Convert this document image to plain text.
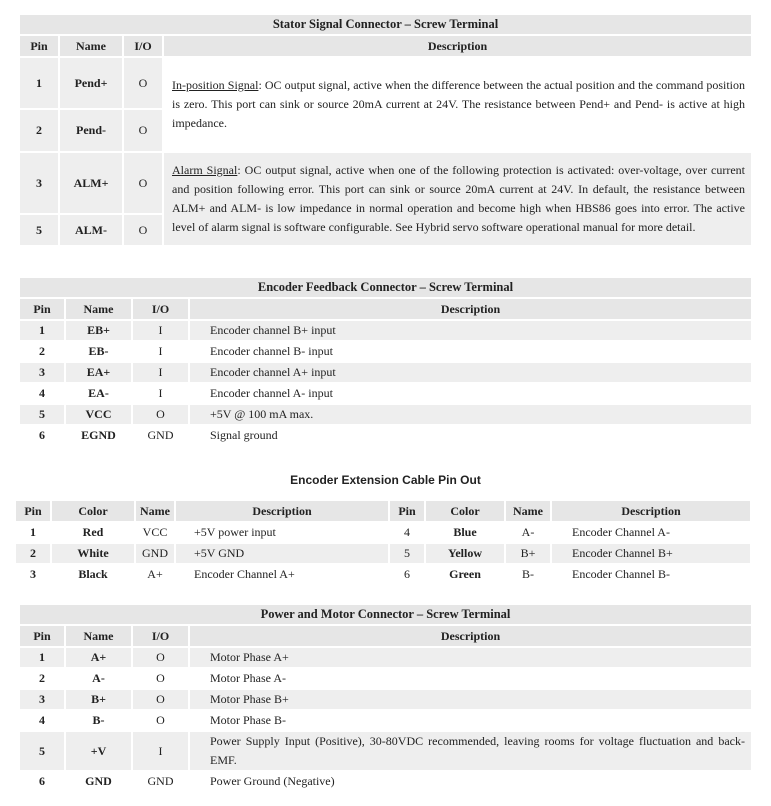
Stator Signal Connector – Screw Terminal			
Pin	Name	I/O	Description
1	Pend+	O	In-position Signal: OC output signal, active when the difference between the actual position and the command position is zero. This port can sink or source 20mA current at 24V. The resistance between Pend+ and Pend- is active at high impedance.
2	Pend-	O	
3	ALM+	O	Alarm Signal: OC output signal, active when one of the following protection is activated: over-voltage, over current and position following error. This port can sink or source 20mA current at 24V. In default, the resistance between ALM+ and ALM- is low impedance in normal operation and become high when HBS86 goes into error. The active level of alarm signal is software configurable. See Hybrid servo software operational manual for more detail.
5	ALM-	O	
Encoder Feedback Connector – Screw Terminal			
Pin	Name	I/O	Description
1	EB+	I	Encoder channel B+ input
2	EB-	I	Encoder channel B- input
3	EA+	I	Encoder channel A+ input
4	EA-	I	Encoder channel A- input
5	VCC	O	+5V @ 100 mA max.
6	EGND	GND	Signal ground
Encoder Extension Cable Pin Out
Pin	Color	Name	Description	Pin	Color	Name	Description
1	Red	VCC	+5V power input	4	Blue	A-	Encoder Channel A-
2	White	GND	+5V GND	5	Yellow	B+	Encoder Channel B+
3	Black	A+	Encoder Channel A+	6	Green	B-	Encoder Channel B-
Power and Motor Connector – Screw Terminal			
Pin	Name	I/O	Description
1	A+	O	Motor Phase A+
2	A-	O	Motor Phase A-
3	B+	O	Motor Phase B+
4	B-	O	Motor Phase B-
5	+V	I	Power Supply Input (Positive), 30-80VDC recommended, leaving rooms for voltage fluctuation and back-EMF.
6	GND	GND	Power Ground (Negative)
